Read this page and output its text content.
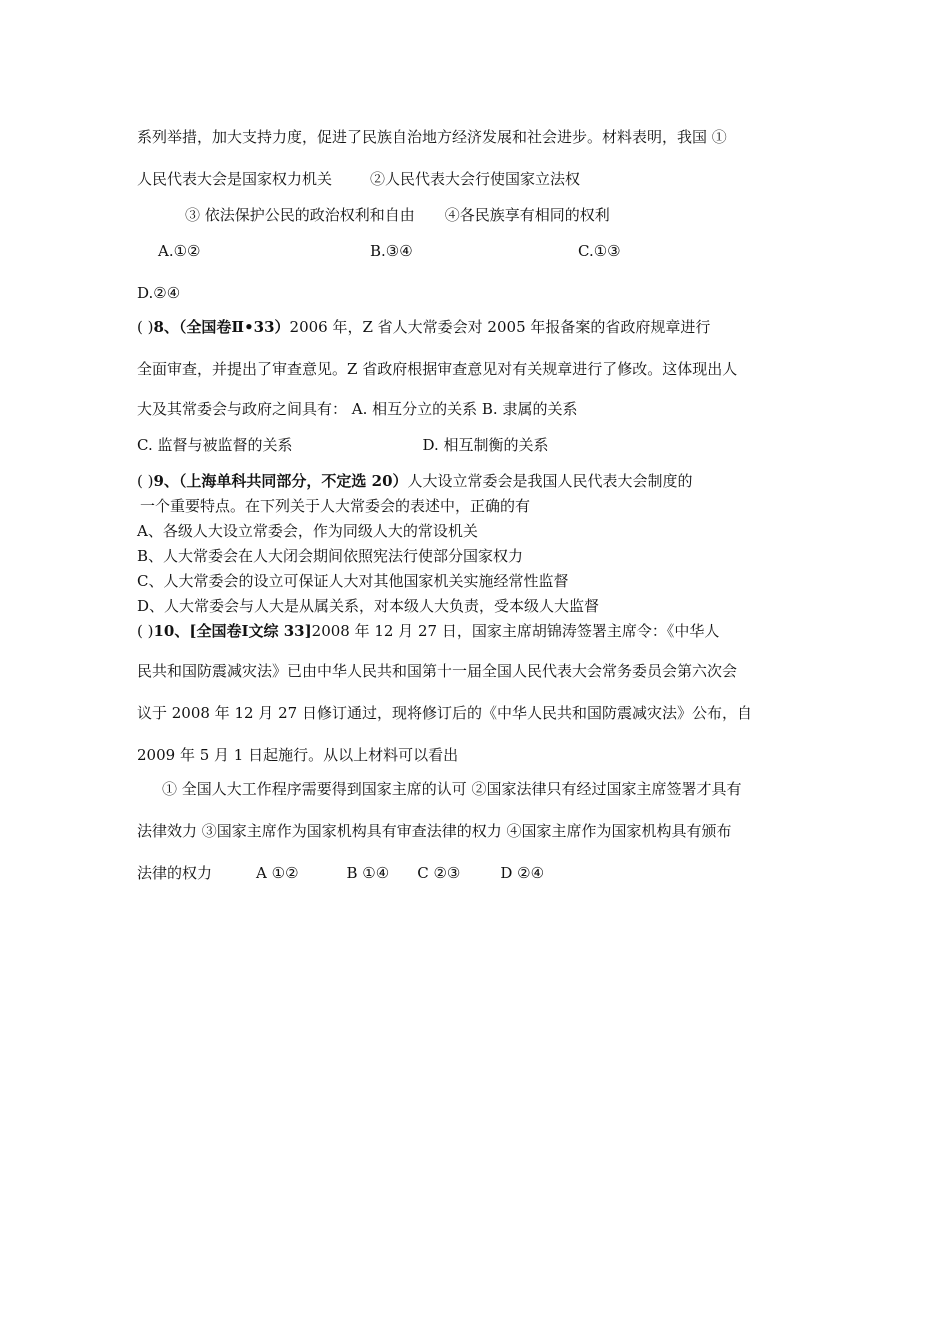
系列举措，加大支持力度，促进了民族自治地方经济发展和社会进步。材料表明，我国 ①
人民代表大会是国家权力机关	②人民代表大会行使国家立法权
③ 依法保护公民的政治权利和自由 ④各民族享有相同的权利
A.①②	B.③④	C.①③
D.②④
( )8、（全国卷Ⅱ•33）2006 年，Z 省人大常委会对 2005 年报备案的省政府规章进行
全面审查，并提出了审查意见。Z 省政府根据审查意见对有关规章进行了修改。这体现出人
大及其常委会与政府之间具有： A. 相互分立的关系 B. 隶属的关系
C. 监督与被监督的关系	D. 相互制衡的关系
( )9、（上海单科共同部分，不定选 20）人大设立常委会是我国人民代表大会制度的
一个重要特点。在下列关于人大常委会的表述中，正确的有
A、各级人大设立常委会，作为同级人大的常设机关
B、人大常委会在人大闭会期间依照宪法行使部分国家权力
C、人大常委会的设立可保证人大对其他国家机关实施经常性监督
D、人大常委会与人大是从属关系，对本级人大负责，受本级人大监督
( )10、[全国卷Ⅰ文综 33]2008 年 12 月 27 日，国家主席胡锦涛签署主席令：《中华人
民共和国防震减灾法》已由中华人民共和国第十一届全国人民代表大会常务委员会第六次会
议于 2008 年 12 月 27 日修订通过，现将修订后的《中华人民共和国防震减灾法》公布，自
2009 年 5 月 1 日起施行。从以上材料可以看出
① 全国人大工作程序需要得到国家主席的认可 ②国家法律只有经过国家主席签署才具有
法律效力 ③国家主席作为国家机构具有审查法律的权力 ④国家主席作为国家机构具有颁布
法律的权力	A ①②	B ①④ C ②③	D ②④
